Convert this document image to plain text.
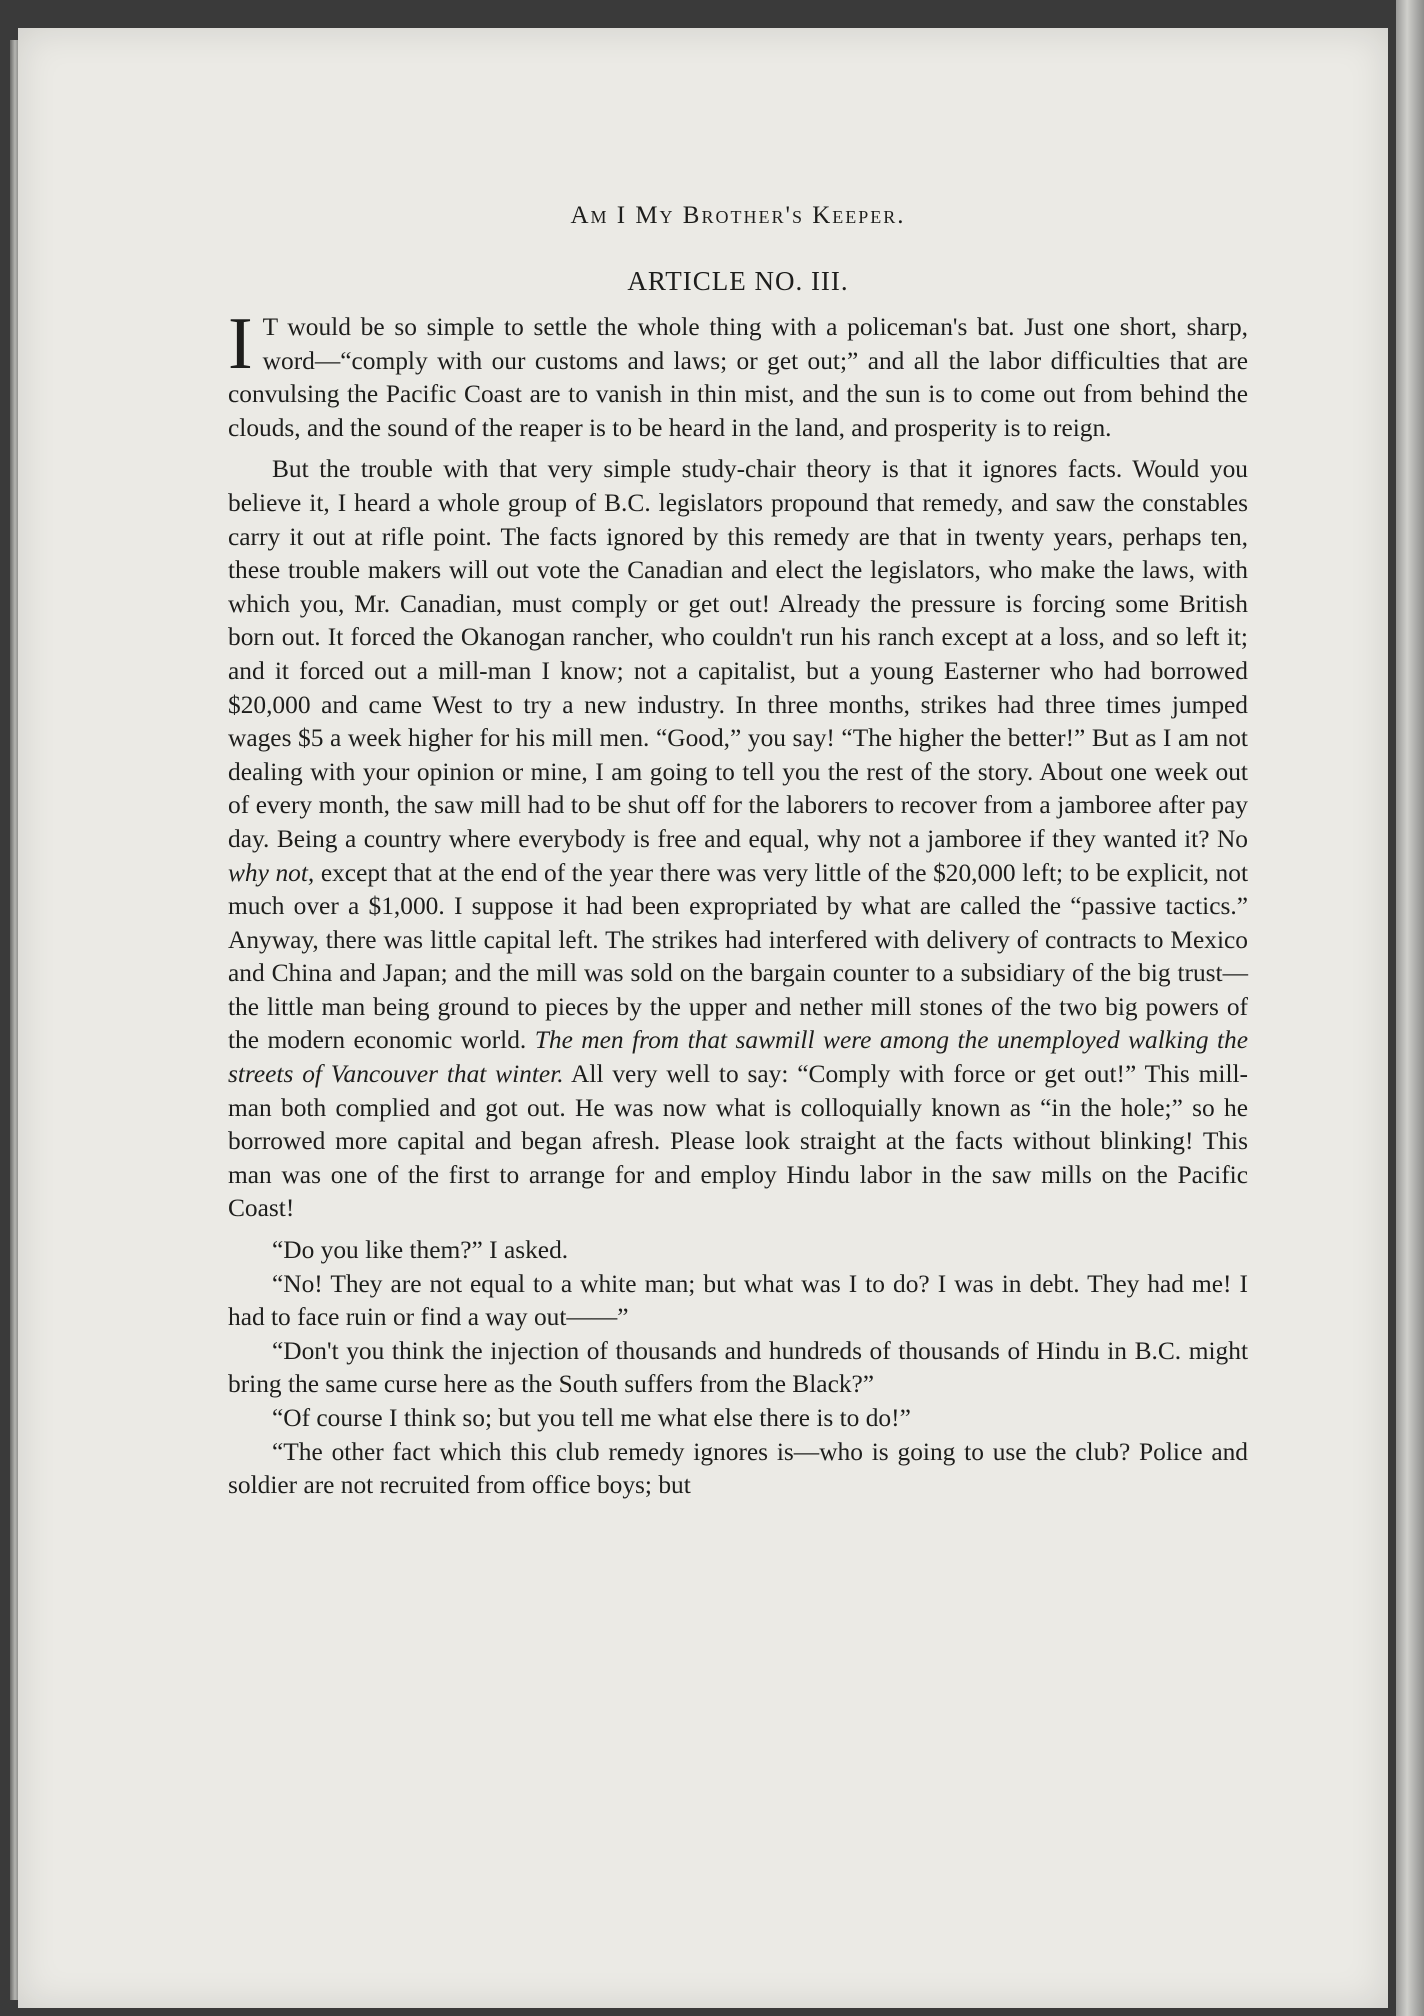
Am I My Brother's Keeper.
ARTICLE NO. III.

I T would be so simple to settle the whole thing with a policeman's bat. Just one short, sharp, word—“comply with our customs and laws; or get out;” and all the labor difficulties that are convulsing the Pacific Coast are to vanish in thin mist, and the sun is to come out from behind the clouds, and the sound of the reaper is to be heard in the land, and prosperity is to reign.

But the trouble with that very simple study-chair theory is that it ignores facts. Would you believe it, I heard a whole group of B.C. legislators propound that remedy, and saw the constables carry it out at rifle point. The facts ignored by this remedy are that in twenty years, perhaps ten, these trouble makers will out vote the Canadian and elect the legislators, who make the laws, with which you, Mr. Canadian, must comply or get out! Already the pressure is forcing some British born out. It forced the Okanogan rancher, who couldn't run his ranch except at a loss, and so left it; and it forced out a mill-man I know; not a capitalist, but a young Easterner who had borrowed $20,000 and came West to try a new industry. In three months, strikes had three times jumped wages $5 a week higher for his mill men. “Good,” you say! “The higher the better!” But as I am not dealing with your opinion or mine, I am going to tell you the rest of the story. About one week out of every month, the saw mill had to be shut off for the laborers to recover from a jamboree after pay day. Being a country where everybody is free and equal, why not a jamboree if they wanted it? No why not, except that at the end of the year there was very little of the $20,000 left; to be explicit, not much over a $1,000. I suppose it had been expropriated by what are called the “passive tactics.” Anyway, there was little capital left. The strikes had interfered with delivery of contracts to Mexico and China and Japan; and the mill was sold on the bargain counter to a subsidiary of the big trust—the little man being ground to pieces by the upper and nether mill stones of the two big powers of the modern economic world. The men from that sawmill were among the unemployed walking the streets of Vancouver that winter. All very well to say: “Comply with force or get out!” This mill-man both complied and got out. He was now what is colloquially known as “in the hole;” so he borrowed more capital and began afresh. Please look straight at the facts without blinking! This man was one of the first to arrange for and employ Hindu labor in the saw mills on the Pacific Coast!

“Do you like them?” I asked.

“No! They are not equal to a white man; but what was I to do? I was in debt. They had me! I had to face ruin or find a way out——”

“Don't you think the injection of thousands and hundreds of thousands of Hindu in B.C. might bring the same curse here as the South suffers from the Black?”

“Of course I think so; but you tell me what else there is to do!”

“The other fact which this club remedy ignores is—who is going to use the club? Police and soldier are not recruited from office boys; but
